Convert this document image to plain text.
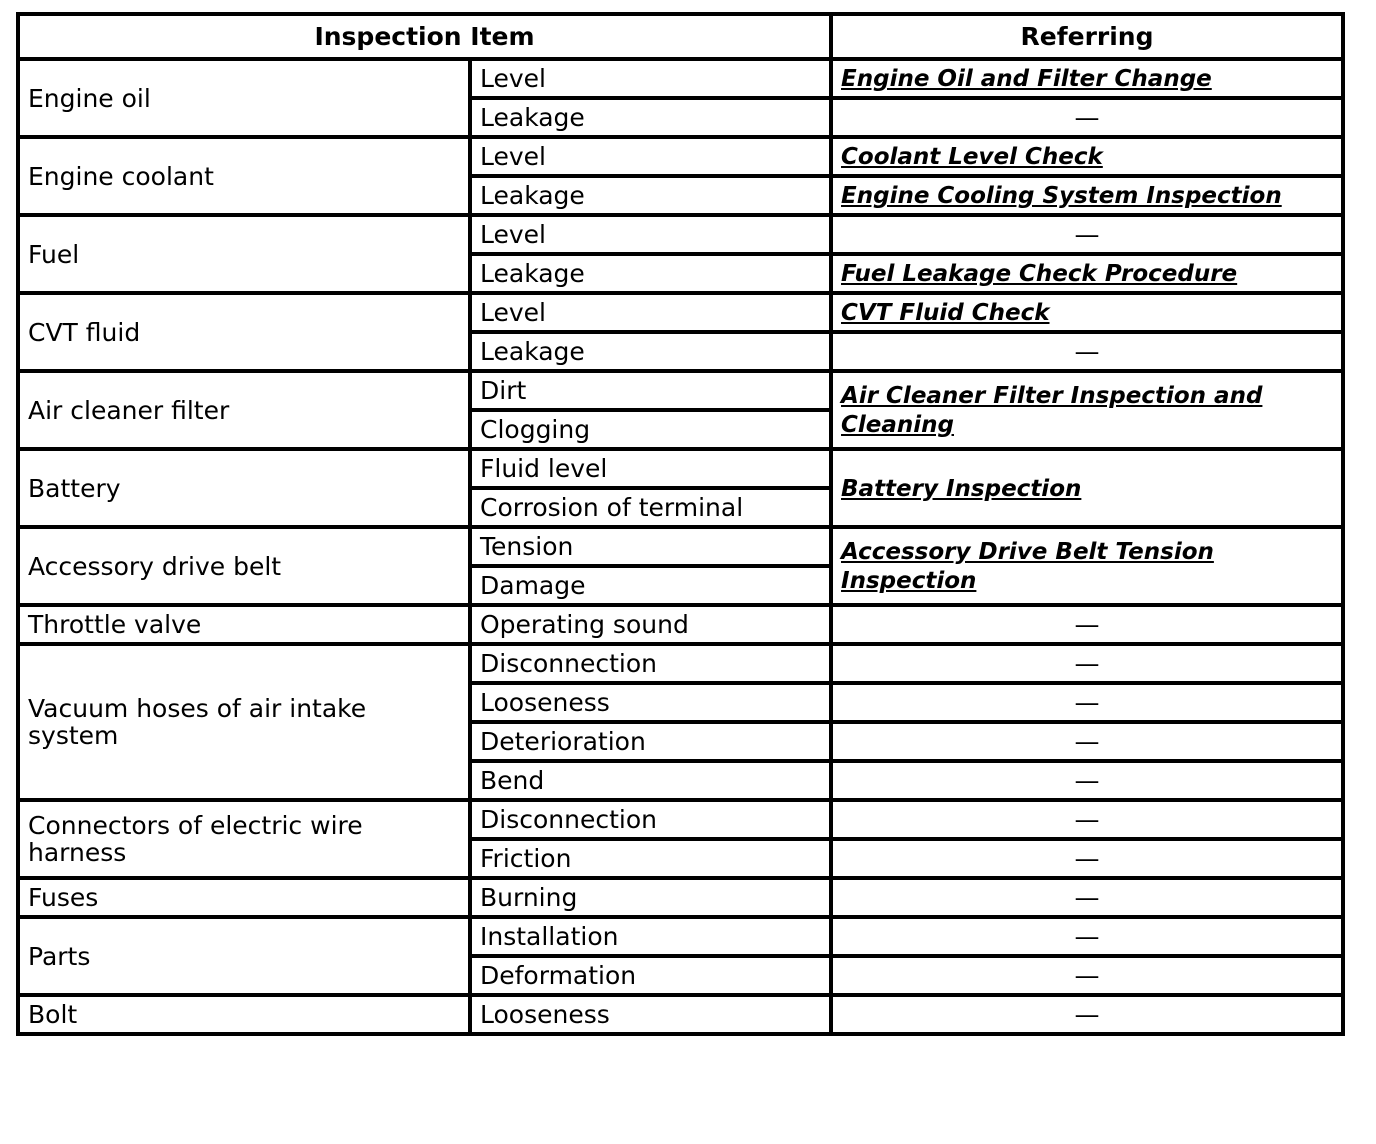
Inspection Item		Referring
Engine oil	Level	Engine Oil and Filter Change
	Leakage	—
Engine coolant	Level	Coolant Level Check
	Leakage	Engine Cooling System Inspection
Fuel	Level	—
	Leakage	Fuel Leakage Check Procedure
CVT fluid	Level	CVT Fluid Check
	Leakage	—
Air cleaner filter	Dirt	Air Cleaner Filter Inspection and Cleaning
	Clogging	
Battery	Fluid level	Battery Inspection
	Corrosion of terminal	
Accessory drive belt	Tension	Accessory Drive Belt Tension Inspection
	Damage	
Throttle valve	Operating sound	—
Vacuum hoses of air intake system	Disconnection	—
	Looseness	—
	Deterioration	—
	Bend	—
Connectors of electric wire harness	Disconnection	—
	Friction	—
Fuses	Burning	—
Parts	Installation	—
	Deformation	—
Bolt	Looseness	—
